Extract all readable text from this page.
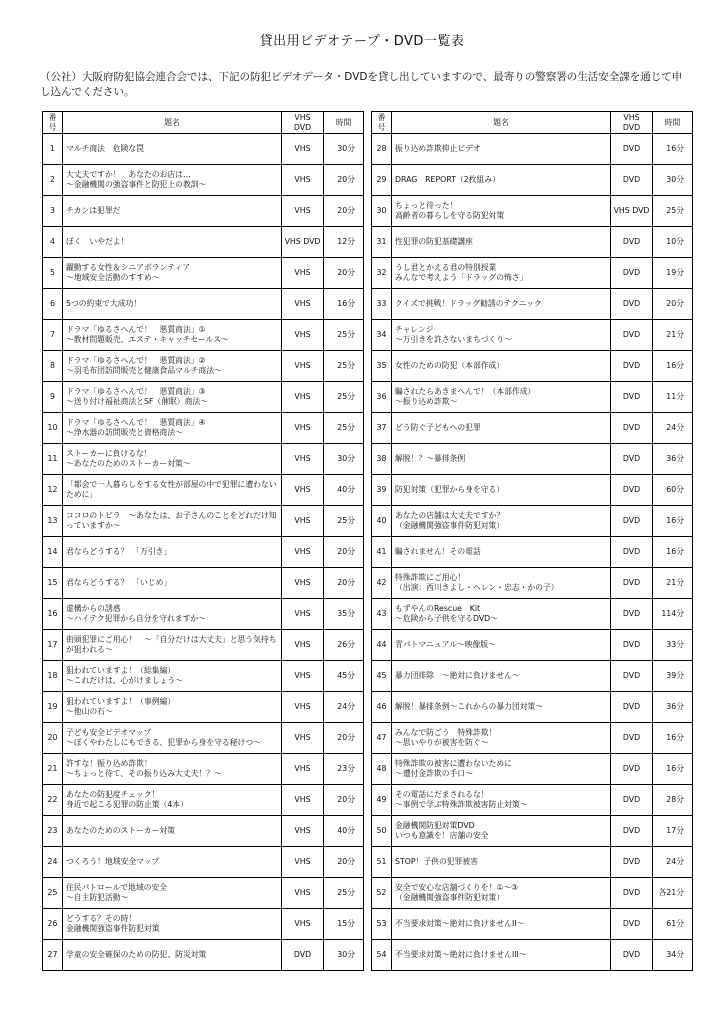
貸出用ビデオテープ・DVD一覧表
（公社）大阪府防犯協会連合会では、下記の防犯ビデオデータ・DVDを貸し出していますので、最寄りの警察署の生活安全課を通じて申し込んでください。
番号	題名	VHS DVD	時間
1	マルチ商法　危険な罠	VHS	30分
2	大丈夫ですか！　あなたのお店は…
～金融機関の強盗事件と防犯上の教訓～	VHS	20分
3	チカンは犯罪だ	VHS	20分
4	ぼく　いやだよ！	VHS DVD	12分
5	躍動する女性＆シニアボランティア
～地域安全活動のすすめ～	VHS	20分
6	5つの約束で大成功！	VHS	16分
7	ドラマ「ゆるさへんで！　悪質商法」①
～教材問題販売、エステ・キャッチセールス～	VHS	25分
8	ドラマ「ゆるさへんで！　悪質商法」②
～羽毛布団訪問販売と健康食品マルチ商法～	VHS	25分
9	ドラマ「ゆるさへんで！　悪質商法」③
～送り付け福祉商法とSF（催眠）商法～	VHS	25分
10	ドラマ「ゆるさへんで！　悪質商法」④
～浄水器の訪問販売と資格商法～	VHS	25分
11	ストーカーに負けるな！
～あなたのためのストーカー対策～	VHS	30分
12	「都会で一人暮らしをする女性が部屋の中で犯罪に遭わないために」	VHS	40分
13	ココロのトビラ　～あなたは、お子さんのことをどれだけ知っていますか～	VHS	25分
14	君ならどうする？　「万引き」	VHS	20分
15	君ならどうする？　「いじめ」	VHS	20分
16	虚構からの誘惑
～ハイテク犯罪から自分を守れますか～	VHS	35分
17	街頭犯罪にご用心！　～「自分だけは大丈夫」と思う気持ちが狙われる～	VHS	26分
18	狙われていますよ！（総集編）
～これだけは、心がけましょう～	VHS	45分
19	狙われていますよ！（事例編）
～他山の石～	VHS	24分
20	子ども安全ビデオマップ
～ぼくやわたしにもできる、犯罪から身を守る秘けつ～	VHS	20分
21	許すな！振り込め詐欺！
～ちょっと待て、その振り込み大丈夫！？～	VHS	23分
22	あなたの防犯度チェック！
身近で起こる犯罪の防止策（4本）	VHS	20分
23	あなたのためのストーカー対策	VHS	40分
24	つくろう！地域安全マップ	VHS	20分
25	住民パトロールで地域の安全
～自主防犯活動～	VHS	25分
26	どうする？その時！
金融機関強盗事件防犯対策	VHS	15分
27	学童の安全確保のための防犯、防災対策	DVD	30分
番号	題名	VHS DVD	時間
28	振り込め詐欺抑止ビデオ	DVD	16分
29	DRAG　REPORT（2枚組み）	DVD	30分
30	ちょっと待った！
高齢者の暮らしを守る防犯対策	VHS DVD	25分
31	性犯罪の防犯基礎講座	DVD	10分
32	うし君とかえる君の特別授業
みんなで考えよう「ドラッグの怖さ」	DVD	19分
33	クイズで挑戦！ドラッグ勧誘のテクニック	DVD	20分
34	チャレンジ
～万引きを許さないまちづくり～	DVD	21分
35	女性のための防犯（本部作成）	DVD	16分
36	騙されたらあきまへんで！（本部作成）
～振り込め詐欺～	DVD	11分
37	どう防ぐ子どもへの犯罪	DVD	24分
38	解脱！？～暴排条例	DVD	36分
39	防犯対策（犯罪から身を守る）	DVD	60分
40	あなたの店舗は大丈夫ですか？
（金融機関強盗事件防犯対策）	DVD	16分
41	騙されません！その電話	DVD	16分
42	特殊詐欺にご用心！
（出演：西川きよし・ヘレン・忠志・かの子）	DVD	21分
43	もずやんのRescue　Kit
～危険から子供を守るDVD～	DVD	114分
44	青パトマニュアル～映像版～	DVD	33分
45	暴力団排除　～絶対に負けません～	DVD	39分
46	解脱！暴排条例～これからの暴力団対策～	DVD	36分
47	みんなで防ごう　特殊詐欺！
～思いやりが被害を防ぐ～	DVD	16分
48	特殊詐欺の被害に遭わないために
～遭付金詐欺の手口～	DVD	16分
49	その電話にだまされるな！
～事例で学ぶ特殊詐欺被害防止対策～	DVD	28分
50	金融機関防犯対策DVD
いつも意識を！店舗の安全	DVD	17分
51	STOP！子供の犯罪被害	DVD	24分
52	安全で安心な店舗づくりを！①～③
（金融機関強盗事件防犯対策）	DVD	各21分
53	不当要求対策～絶対に負けませんII～	DVD	61分
54	不当要求対策～絶対に負けませんIII～	DVD	34分
